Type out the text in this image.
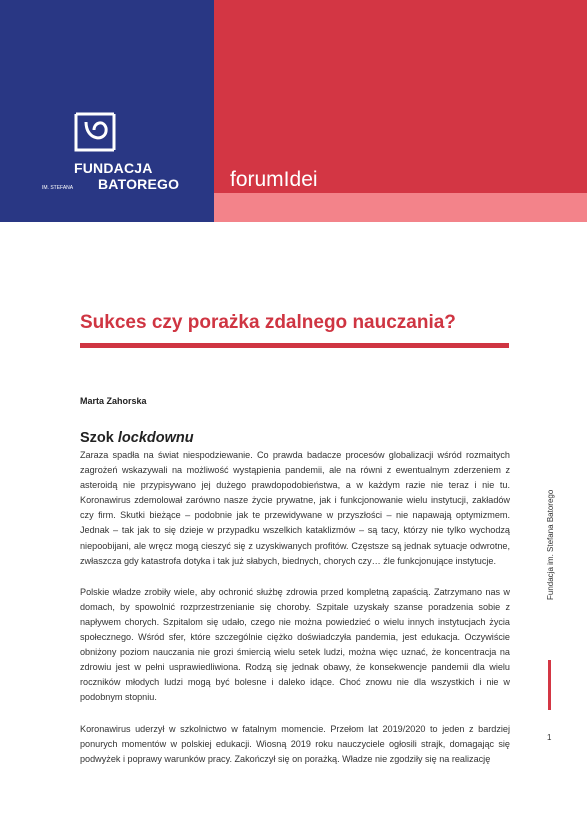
FUNDACJA
BATOREGO
IM. STEFANA	forumIdei
Sukces czy porażka zdalnego nauczania?
Marta Zahorska
Szok lockdownu

Zaraza spadła na świat niespodziewanie. Co prawda badacze procesów globalizacji wśród rozmaitych zagrożeń wskazywali na możliwość wystąpienia pandemii, ale na równi z ewentualnym zderzeniem z asteroidą nie przypisywano jej dużego prawdopodobieństwa, a w każdym razie nie teraz i nie tu. Koronawirus zdemolował zarówno nasze życie prywatne, jak i funkcjonowanie wielu instytucji, zakładów czy firm. Skutki bieżące – podobnie jak te przewidywane w przyszłości – nie napawają optymizmem. Jednak – tak jak to się dzieje w przypadku wszelkich kataklizmów – są tacy, którzy nie tylko wychodzą niepoobijani, ale wręcz mogą cieszyć się z uzyskiwanych profitów. Częstsze są jednak sytuacje odwrotne, zwłaszcza gdy katastrofa dotyka i tak już słabych, biednych, chorych czy… źle funkcjonujące instytucje.

Polskie władze zrobiły wiele, aby ochronić służbę zdrowia przed kompletną zapaścią. Zatrzymano nas w domach, by spowolnić rozprzestrzenianie się choroby. Szpitale uzyskały szanse poradzenia sobie z napływem chorych. Szpitalom się udało, czego nie można powiedzieć o wielu innych instytucjach życia społecznego. Wśród sfer, które szczególnie ciężko doświadczyła pandemia, jest edukacja. Oczywiście obniżony poziom nauczania nie grozi śmiercią wielu setek ludzi, można więc uznać, że koncentracja na zdrowiu jest w pełni usprawiedliwiona. Rodzą się jednak obawy, że konsekwencje pandemii dla wielu roczników młodych ludzi mogą być bolesne i daleko idące. Choć znowu nie dla wszystkich i nie w podobnym stopniu.

Koronawirus uderzył w szkolnictwo w fatalnym momencie. Przełom lat 2019/2020 to jeden z bardziej ponurych momentów w polskiej edukacji. Wiosną 2019 roku nauczyciele ogłosili strajk, domagając się podwyżek i poprawy warunków pracy. Zakończył się on porażką. Władze nie zgodziły się na realizację

Fundacja im. Stefana Batorego
1
